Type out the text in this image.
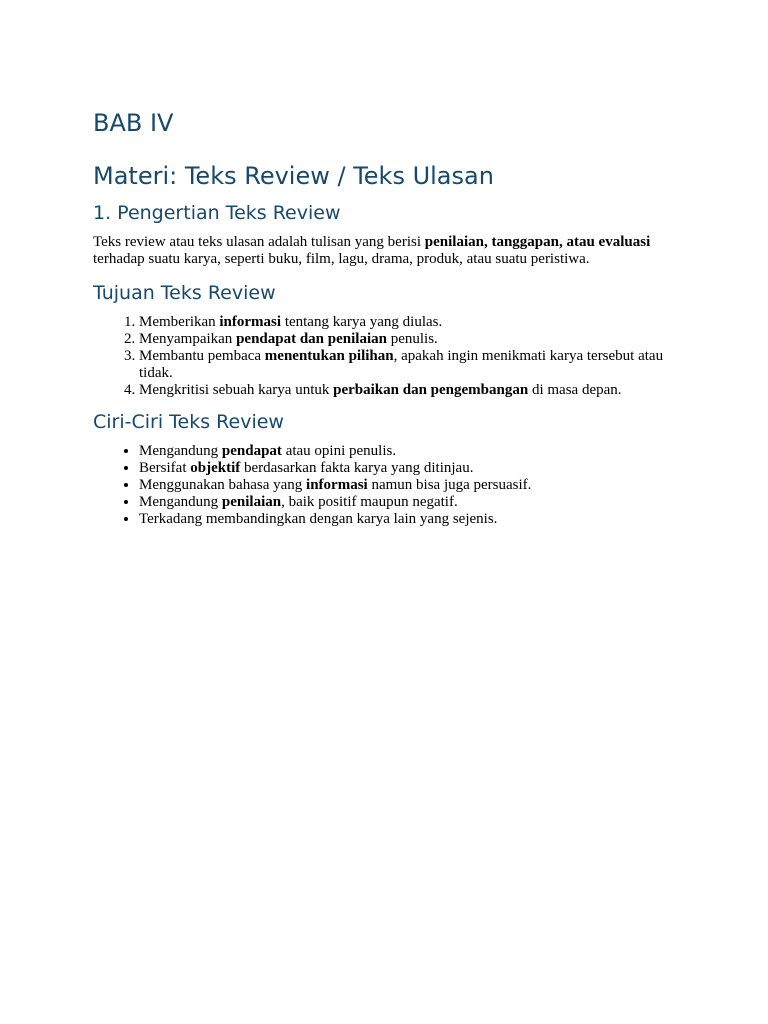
BAB IV
Materi: Teks Review / Teks Ulasan
1. Pengertian Teks Review

Teks review atau teks ulasan adalah tulisan yang berisi penilaian, tanggapan, atau evaluasi terhadap suatu karya, seperti buku, film, lagu, drama, produk, atau suatu peristiwa.

Tujuan Teks Review
1. Memberikan informasi tentang karya yang diulas.
2. Menyampaikan pendapat dan penilaian penulis.
3. Membantu pembaca menentukan pilihan, apakah ingin menikmati karya tersebut atau tidak.
4. Mengkritisi sebuah karya untuk perbaikan dan pengembangan di masa depan.
Ciri-Ciri Teks Review
• Mengandung pendapat atau opini penulis.
• Bersifat objektif berdasarkan fakta karya yang ditinjau.
• Menggunakan bahasa yang informasi namun bisa juga persuasif.
• Mengandung penilaian, baik positif maupun negatif.
• Terkadang membandingkan dengan karya lain yang sejenis.
